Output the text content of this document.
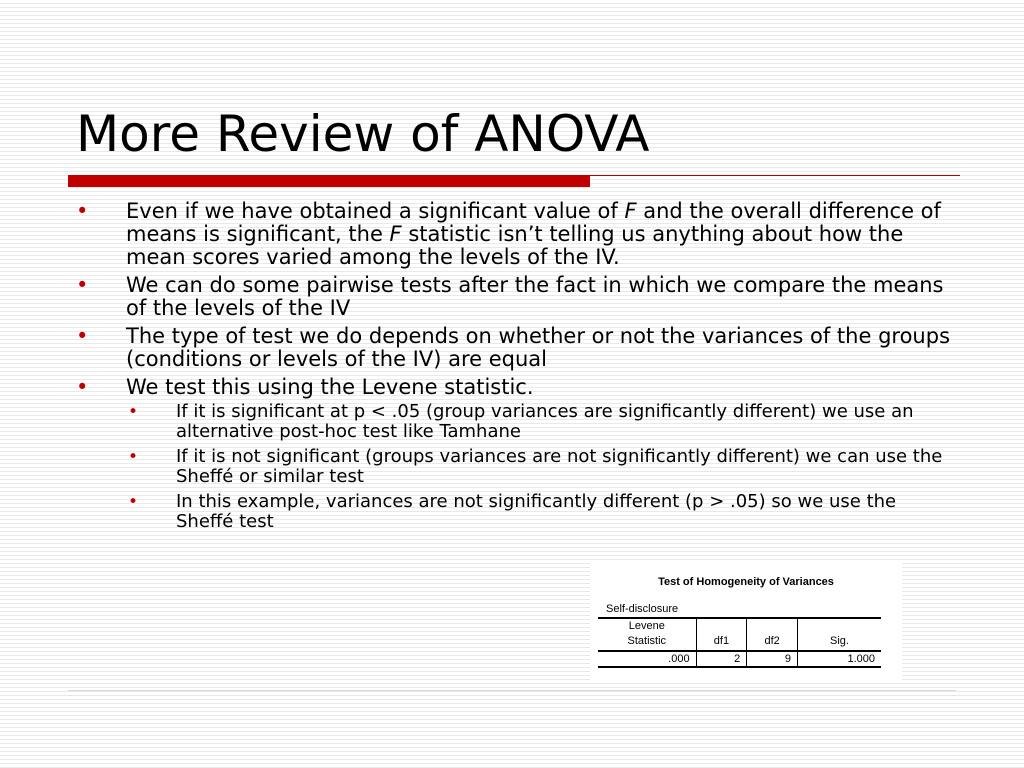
More Review of ANOVA
• Even if we have obtained a significant value of F and the overall difference of means is significant, the F statistic isn’t telling us anything about how the mean scores varied among the levels of the IV.
• We can do some pairwise tests after the fact in which we compare the means of the levels of the IV
• The type of test we do depends on whether or not the variances of the groups (conditions or levels of the IV) are equal
• We test this using the Levene statistic.
• If it is significant at p < .05 (group variances are significantly different) we use an alternative post-hoc test like Tamhane
• If it is not significant (groups variances are not significantly different) we can use the Sheffé or similar test
• In this example, variances are not significantly different (p > .05) so we use the Sheffé test
Test of Homogeneity of Variances
Self-disclosure
Levene
Statistic	df1	df2	Sig.
.000	2	9	1.000
